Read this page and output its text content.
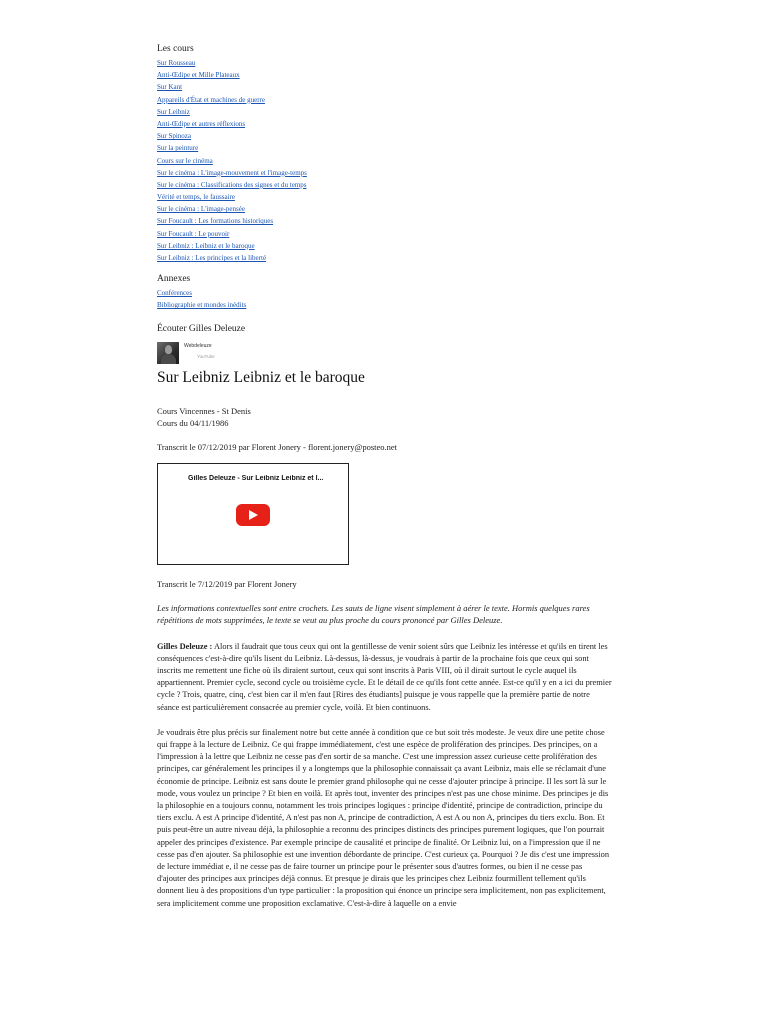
Les cours
Sur Rousseau
Anti-Œdipe et Mille Plateaux
Sur Kant
Appareils d'État et machines de guerre
Sur Leibniz
Anti-Œdipe et autres réflexions
Sur Spinoza
Sur la peinture
Cours sur le cinéma
Sur le cinéma : L'image-mouvement et l'image-temps
Sur le cinéma : Classifications des signes et du temps
Vérité et temps, le faussaire
Sur le cinéma : L'image-pensée
Sur Foucault : Les formations historiques
Sur Foucault : Le pouvoir
Sur Leibniz : Leibniz et le baroque
Sur Leibniz : Les principes et la liberté
Annexes
Conférences
Bibliographie et mondes inédits
Écouter Gilles Deleuze
Webdeleuze
YouTube
Sur Leibniz Leibniz et le baroque

Cours Vincennes - St Denis

Cours du 04/11/1986

Transcrit le 07/12/2019 par Florent Jonery - florent.jonery@posteo.net

Gilles Deleuze - Sur Leibniz Leibniz et l...

Transcrit le 7/12/2019 par Florent Jonery

Les informations contextuelles sont entre crochets. Les sauts de ligne visent simplement à aérer le texte. Hormis quelques rares répétitions de mots supprimées, le texte se veut au plus proche du cours prononcé par Gilles Deleuze.

Gilles Deleuze : Alors il faudrait que tous ceux qui ont la gentillesse de venir soient sûrs que Leibniz les intéresse et qu'ils en tirent les conséquences c'est-à-dire qu'ils lisent du Leibniz. Là-dessus, là-dessus, je voudrais à partir de la prochaine fois que ceux qui sont inscrits me remettent une fiche où ils diraient surtout, ceux qui sont inscrits à Paris VIII, où il dirait surtout le cycle auquel ils appartiennent. Premier cycle, second cycle ou troisième cycle. Et le détail de ce qu'ils font cette année. Est-ce qu'il y en a ici du premier cycle ? Trois, quatre, cinq, c'est bien car il m'en faut [Rires des étudiants] puisque je vous rappelle que la première partie de notre séance est particulièrement consacrée au premier cycle, voilà. Et bien continuons.

Je voudrais être plus précis sur finalement notre but cette année à condition que ce but soit très modeste. Je veux dire une petite chose qui frappe à la lecture de Leibniz. Ce qui frappe immédiatement, c'est une espèce de prolifération des principes. Des principes, on a l'impression à la lettre que Leibniz ne cesse pas d'en sortir de sa manche. C'est une impression assez curieuse cette prolifération des principes, car généralement les principes il y a longtemps que la philosophie connaissait ça avant Leibniz, mais elle se réclamait d'une économie de principe. Leibniz est sans doute le premier grand philosophe qui ne cesse d'ajouter principe à principe. Il les sort là sur le mode, vous voulez un principe ? Et bien en voilà. Et après tout, inventer des principes n'est pas une chose minime. Des principes je dis la philosophie en a toujours connu, notamment les trois principes logiques : principe d'identité, principe de contradiction, principe du tiers exclu. A est A principe d'identité, A n'est pas non A, principe de contradiction, A est A ou non A, principes du tiers exclu. Bon. Et puis peut-être un autre niveau déjà, la philosophie a reconnu des principes distincts des principes purement logiques, que l'on pourrait appeler des principes d'existence. Par exemple principe de causalité et principe de finalité. Or Leibniz lui, on a l'impression que il ne cesse pas d'en ajouter. Sa philosophie est une invention débordante de principe. C'est curieux ça. Pourquoi ? Je dis c'est une impression de lecture immédiat e, il ne cesse pas de faire tourner un principe pour le présenter sous d'autres formes, ou bien il ne cesse pas d'ajouter des principes aux principes déjà connus. Et presque je dirais que les principes chez Leibniz fourmillent tellement qu'ils donnent lieu à des propositions d'un type particulier : la proposition qui énonce un principe sera implicitement, non pas explicitement, sera implicitement comme une proposition exclamative. C'est-à-dire à laquelle on a envie
